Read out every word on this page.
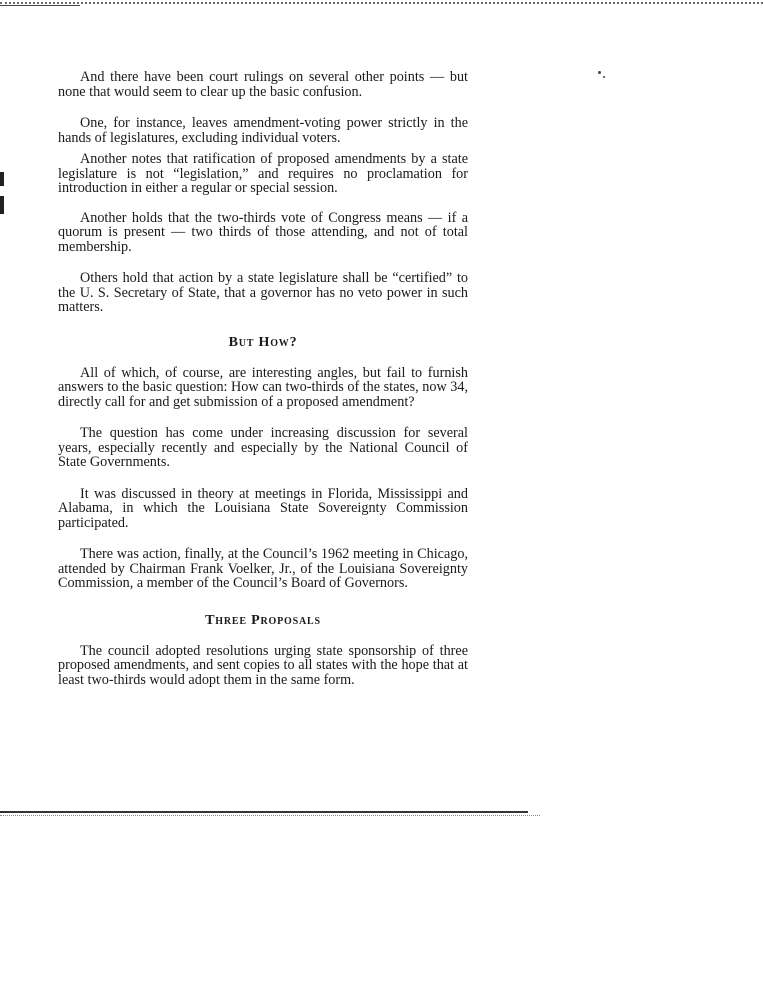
And there have been court rulings on several other points — but none that would seem to clear up the basic confusion.

One, for instance, leaves amendment-voting power strictly in the hands of legislatures, excluding individual voters.

Another notes that ratification of proposed amendments by a state legislature is not “legislation,” and requires no proclamation for introduction in either a regular or special session.

Another holds that the two-thirds vote of Congress means — if a quorum is present — two thirds of those attending, and not of total membership.

Others hold that action by a state legislature shall be “certified” to the U. S. Secretary of State, that a governor has no veto power in such matters.

But How?

All of which, of course, are interesting angles, but fail to furnish answers to the basic question: How can two-thirds of the states, now 34, directly call for and get submission of a proposed amendment?

The question has come under increasing discussion for several years, especially recently and especially by the National Council of State Governments.

It was discussed in theory at meetings in Florida, Mississippi and Alabama, in which the Louisiana State Sovereignty Commission participated.

There was action, finally, at the Council’s 1962 meeting in Chicago, attended by Chairman Frank Voelker, Jr., of the Louisiana Sovereignty Commission, a member of the Council’s Board of Governors.

Three Proposals

The council adopted resolutions urging state sponsorship of three proposed amendments, and sent copies to all states with the hope that at least two-thirds would adopt them in the same form.
